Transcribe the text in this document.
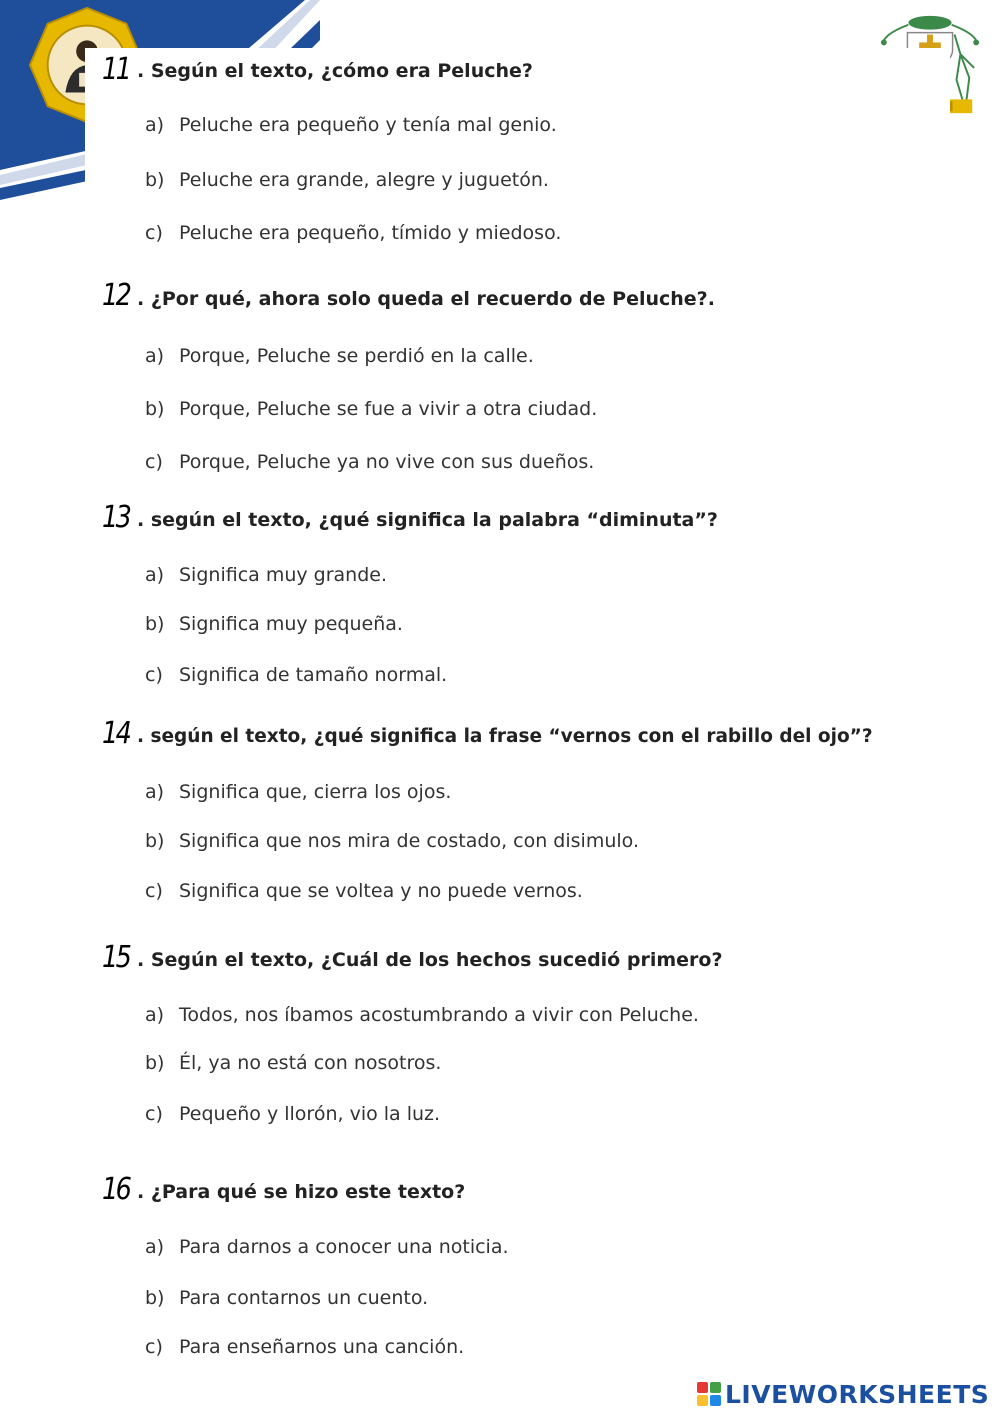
11 . Según el texto, ¿cómo era Peluche?
a) Peluche era pequeño y tenía mal genio.
b) Peluche era grande, alegre y juguetón.
c) Peluche era pequeño, tímido y miedoso.
12 . ¿Por qué, ahora solo queda el recuerdo de Peluche?.
a) Porque, Peluche se perdió en la calle.
b) Porque, Peluche se fue a vivir a otra ciudad.
c) Porque, Peluche ya no vive con sus dueños.
13 . según el texto, ¿qué significa la palabra “diminuta”?
a) Significa muy grande.
b) Significa muy pequeña.
c) Significa de tamaño normal.
14 . según el texto, ¿qué significa la frase “vernos con el rabillo del ojo”?
a) Significa que, cierra los ojos.
b) Significa que nos mira de costado, con disimulo.
c) Significa que se voltea y no puede vernos.
15 . Según el texto, ¿Cuál de los hechos sucedió primero?
a) Todos, nos íbamos acostumbrando a vivir con Peluche.
b) Él, ya no está con nosotros.
c) Pequeño y llorón, vio la luz.
16 . ¿Para qué se hizo este texto?
a) Para darnos a conocer una noticia.
b) Para contarnos un cuento.
c) Para enseñarnos una canción.
LIVEWORKSHEETS
